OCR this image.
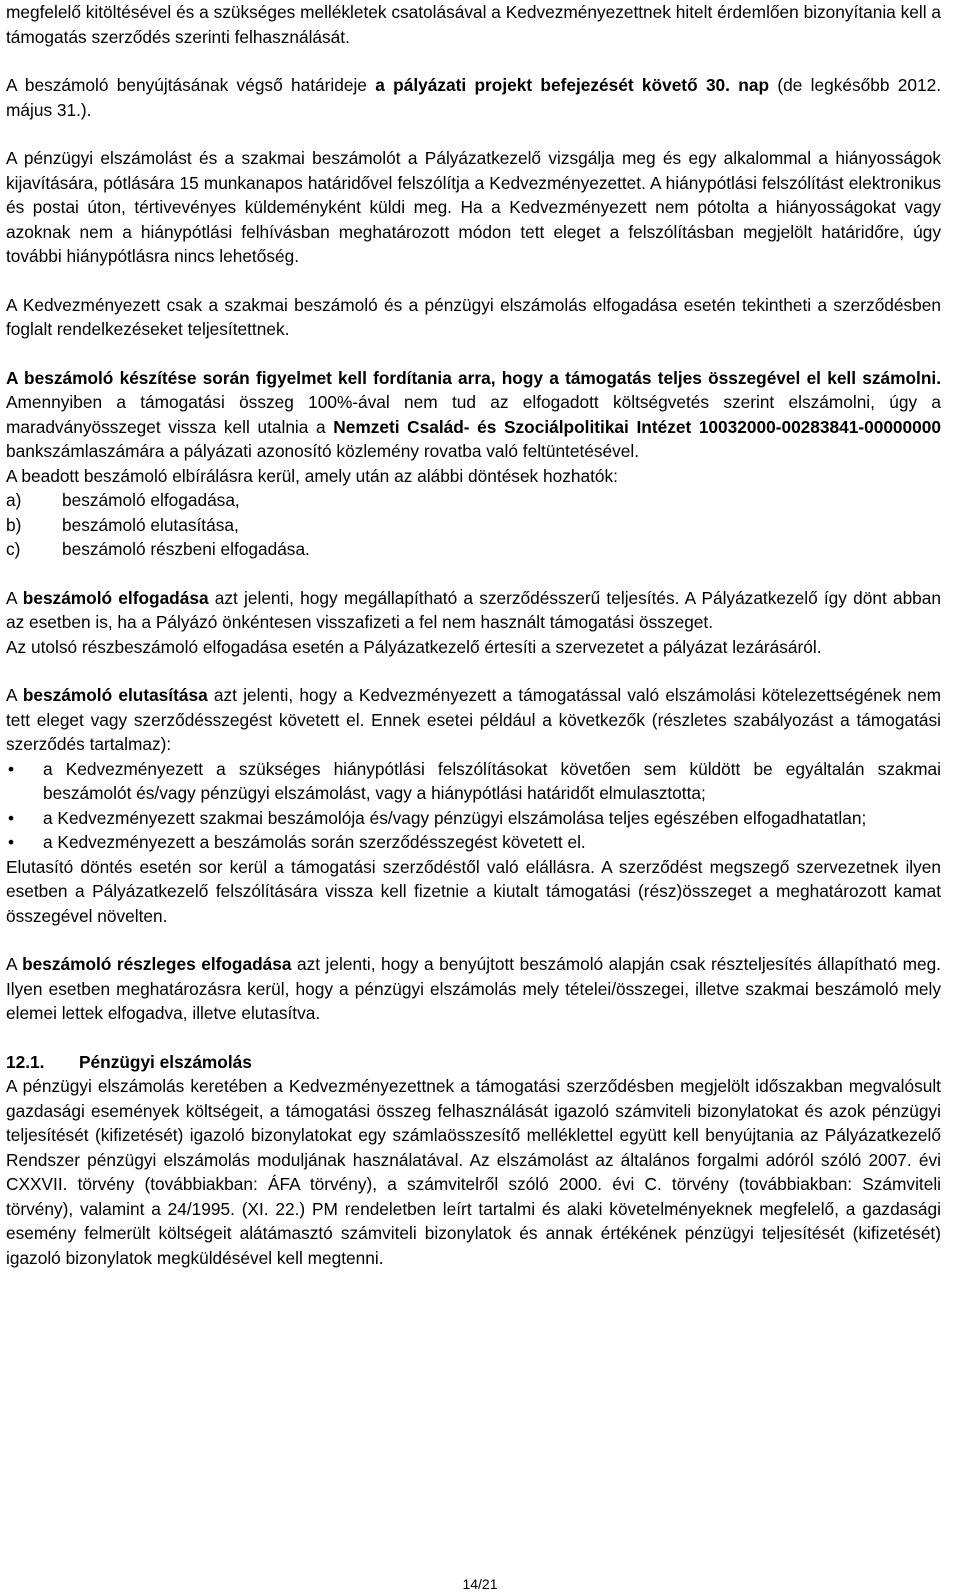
megfelelő kitöltésével és a szükséges mellékletek csatolásával a Kedvezményezettnek hitelt érdemlően bizonyítania kell a támogatás szerződés szerinti felhasználását.

A beszámoló benyújtásának végső határideje a pályázati projekt befejezését követő 30. nap (de legkésőbb 2012. május 31.).

A pénzügyi elszámolást és a szakmai beszámolót a Pályázatkezelő vizsgálja meg és egy alkalommal a hiányosságok kijavítására, pótlására 15 munkanapos határidővel felszólítja a Kedvezményezettet. A hiánypótlási felszólítást elektronikus és postai úton, tértivevényes küldeményként küldi meg. Ha a Kedvezményezett nem pótolta a hiányosságokat vagy azoknak nem a hiánypótlási felhívásban meghatározott módon tett eleget a felszólításban megjelölt határidőre, úgy további hiánypótlásra nincs lehetőség.

A Kedvezményezett csak a szakmai beszámoló és a pénzügyi elszámolás elfogadása esetén tekintheti a szerződésben foglalt rendelkezéseket teljesítettnek.

A beszámoló készítése során figyelmet kell fordítania arra, hogy a támogatás teljes összegével el kell számolni. Amennyiben a támogatási összeg 100%-ával nem tud az elfogadott költségvetés szerint elszámolni, úgy a maradványösszeget vissza kell utalnia a Nemzeti Család- és Szociálpolitikai Intézet 10032000-00283841-00000000 bankszámlaszámára a pályázati azonosító közlemény rovatba való feltüntetésével.

A beadott beszámoló elbírálásra kerül, amely után az alábbi döntések hozhatók:

a)	beszámoló elfogadása,
b)	beszámoló elutasítása,
c)	beszámoló részbeni elfogadása.

A beszámoló elfogadása azt jelenti, hogy megállapítható a szerződésszerű teljesítés. A Pályázatkezelő így dönt abban az esetben is, ha a Pályázó önkéntesen visszafizeti a fel nem használt támogatási összeget.

Az utolsó részbeszámoló elfogadása esetén a Pályázatkezelő értesíti a szervezetet a pályázat lezárásáról.

A beszámoló elutasítása azt jelenti, hogy a Kedvezményezett a támogatással való elszámolási kötelezettségének nem tett eleget vagy szerződésszegést követett el. Ennek esetei például a következők (részletes szabályozást a támogatási szerződés tartalmaz):

•	a Kedvezményezett a szükséges hiánypótlási felszólításokat követően sem küldött be egyáltalán szakmai beszámolót és/vagy pénzügyi elszámolást, vagy a hiánypótlási határidőt elmulasztotta;
•	a Kedvezményezett szakmai beszámolója és/vagy pénzügyi elszámolása teljes egészében elfogadhatatlan;
•	a Kedvezményezett a beszámolás során szerződésszegést követett el.

Elutasító döntés esetén sor kerül a támogatási szerződéstől való elállásra. A szerződést megszegő szervezetnek ilyen esetben a Pályázatkezelő felszólítására vissza kell fizetnie a kiutalt támogatási (rész)összeget a meghatározott kamat összegével növelten.

A beszámoló részleges elfogadása azt jelenti, hogy a benyújtott beszámoló alapján csak részteljesítés állapítható meg. Ilyen esetben meghatározásra kerül, hogy a pénzügyi elszámolás mely tételei/összegei, illetve szakmai beszámoló mely elemei lettek elfogadva, illetve elutasítva.

12.1.	Pénzügyi elszámolás

A pénzügyi elszámolás keretében a Kedvezményezettnek a támogatási szerződésben megjelölt időszakban megvalósult gazdasági események költségeit, a támogatási összeg felhasználását igazoló számviteli bizonylatokat és azok pénzügyi teljesítését (kifizetését) igazoló bizonylatokat egy számlaösszesítő melléklettel együtt kell benyújtania az Pályázatkezelő Rendszer pénzügyi elszámolás moduljának használatával. Az elszámolást az általános forgalmi adóról szóló 2007. évi CXXVII. törvény (továbbiakban: ÁFA törvény), a számvitelről szóló 2000. évi C. törvény (továbbiakban: Számviteli törvény), valamint a 24/1995. (XI. 22.) PM rendeletben leírt tartalmi és alaki követelményeknek megfelelő, a gazdasági esemény felmerült költségeit alátámasztó számviteli bizonylatok és annak értékének pénzügyi teljesítését (kifizetését) igazoló bizonylatok megküldésével kell megtenni.

14/21
